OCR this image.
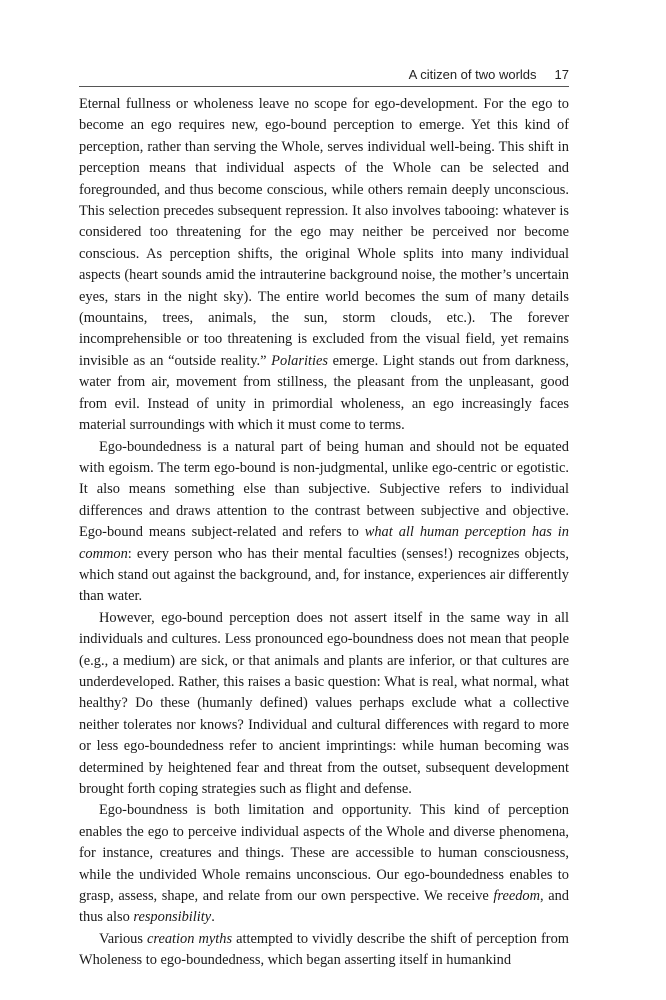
A citizen of two worlds 17

Eternal fullness or wholeness leave no scope for ego-development. For the ego to become an ego requires new, ego-bound perception to emerge. Yet this kind of perception, rather than serving the Whole, serves individual well-being. This shift in perception means that individual aspects of the Whole can be selected and foregrounded, and thus become conscious, while others remain deeply unconscious. This selection precedes subsequent repression. It also involves tabooing: whatever is considered too threatening for the ego may neither be perceived nor become conscious. As perception shifts, the original Whole splits into many individual aspects (heart sounds amid the intrauterine background noise, the mother’s uncertain eyes, stars in the night sky). The entire world becomes the sum of many details (mountains, trees, animals, the sun, storm clouds, etc.). The forever incomprehensible or too threatening is excluded from the visual field, yet remains invisible as an “outside reality.” Polarities emerge. Light stands out from darkness, water from air, movement from stillness, the pleasant from the unpleasant, good from evil. Instead of unity in primordial wholeness, an ego increasingly faces material surroundings with which it must come to terms.

Ego-boundedness is a natural part of being human and should not be equated with egoism. The term ego-bound is non-judgmental, unlike ego-centric or egotistic. It also means something else than subjective. Subjective refers to individual differences and draws attention to the contrast between subjective and objective. Ego-bound means subject-related and refers to what all human perception has in common: every person who has their mental faculties (senses!) recognizes objects, which stand out against the background, and, for instance, experiences air differently than water.

However, ego-bound perception does not assert itself in the same way in all individuals and cultures. Less pronounced ego-boundness does not mean that people (e.g., a medium) are sick, or that animals and plants are inferior, or that cultures are underdeveloped. Rather, this raises a basic question: What is real, what normal, what healthy? Do these (humanly defined) values perhaps exclude what a collective neither tolerates nor knows? Individual and cultural differences with regard to more or less ego-boundedness refer to ancient imprintings: while human becoming was determined by heightened fear and threat from the outset, subsequent development brought forth coping strategies such as flight and defense.

Ego-boundness is both limitation and opportunity. This kind of perception enables the ego to perceive individual aspects of the Whole and diverse phenomena, for instance, creatures and things. These are accessible to human consciousness, while the undivided Whole remains unconscious. Our ego-boundedness enables to grasp, assess, shape, and relate from our own perspective. We receive freedom, and thus also responsibility.

Various creation myths attempted to vividly describe the shift of perception from Wholeness to ego-boundedness, which began asserting itself in humankind
